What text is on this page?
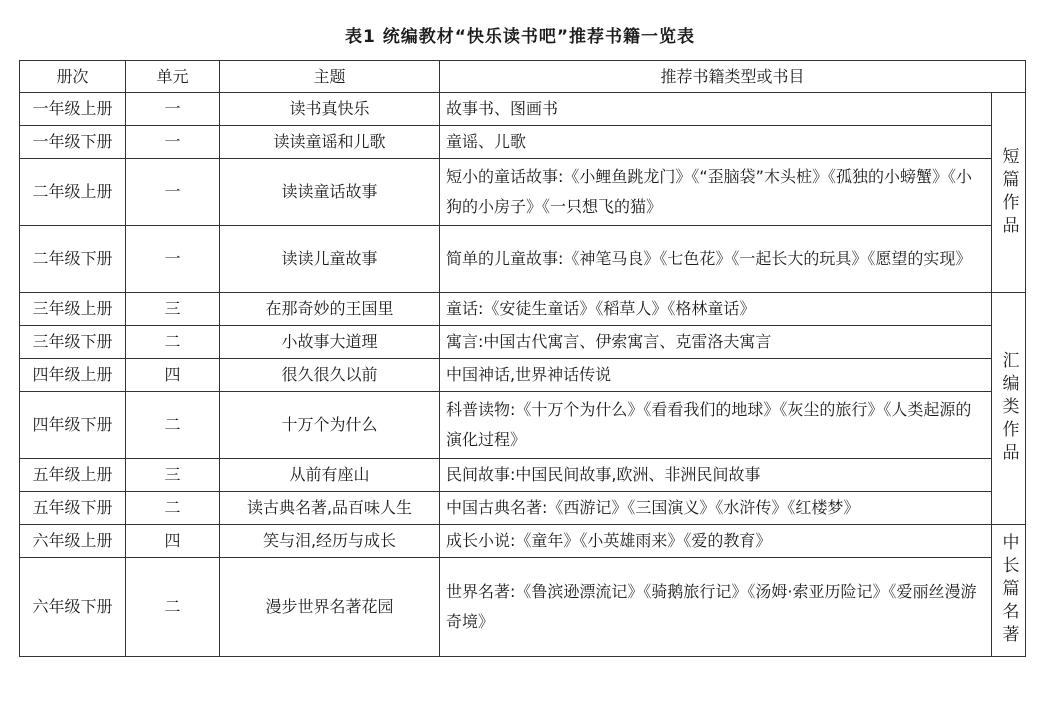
表1 统编教材“快乐读书吧”推荐书籍一览表
册次	单元	主题	推荐书籍类型或书目	
一年级上册	一	读书真快乐	故事书、图画书	短篇作品
一年级下册	一	读读童谣和儿歌	童谣、儿歌	
二年级上册	一	读读童话故事	短小的童话故事:《小鲤鱼跳龙门》《“歪脑袋”木头桩》《孤独的小螃蟹》《小狗的小房子》《一只想飞的猫》	
二年级下册	一	读读儿童故事	简单的儿童故事:《神笔马良》《七色花》《一起长大的玩具》《愿望的实现》	
三年级上册	三	在那奇妙的王国里	童话:《安徒生童话》《稻草人》《格林童话》	汇编类作品
三年级下册	二	小故事大道理	寓言:中国古代寓言、伊索寓言、克雷洛夫寓言	
四年级上册	四	很久很久以前	中国神话,世界神话传说	
四年级下册	二	十万个为什么	科普读物:《十万个为什么》《看看我们的地球》《灰尘的旅行》《人类起源的演化过程》	
五年级上册	三	从前有座山	民间故事:中国民间故事,欧洲、非洲民间故事	
五年级下册	二	读古典名著,品百味人生	中国古典名著:《西游记》《三国演义》《水浒传》《红楼梦》	
六年级上册	四	笑与泪,经历与成长	成长小说:《童年》《小英雄雨来》《爱的教育》	中长篇名著
六年级下册	二	漫步世界名著花园	世界名著:《鲁滨逊漂流记》《骑鹅旅行记》《汤姆·索亚历险记》《爱丽丝漫游奇境》	
